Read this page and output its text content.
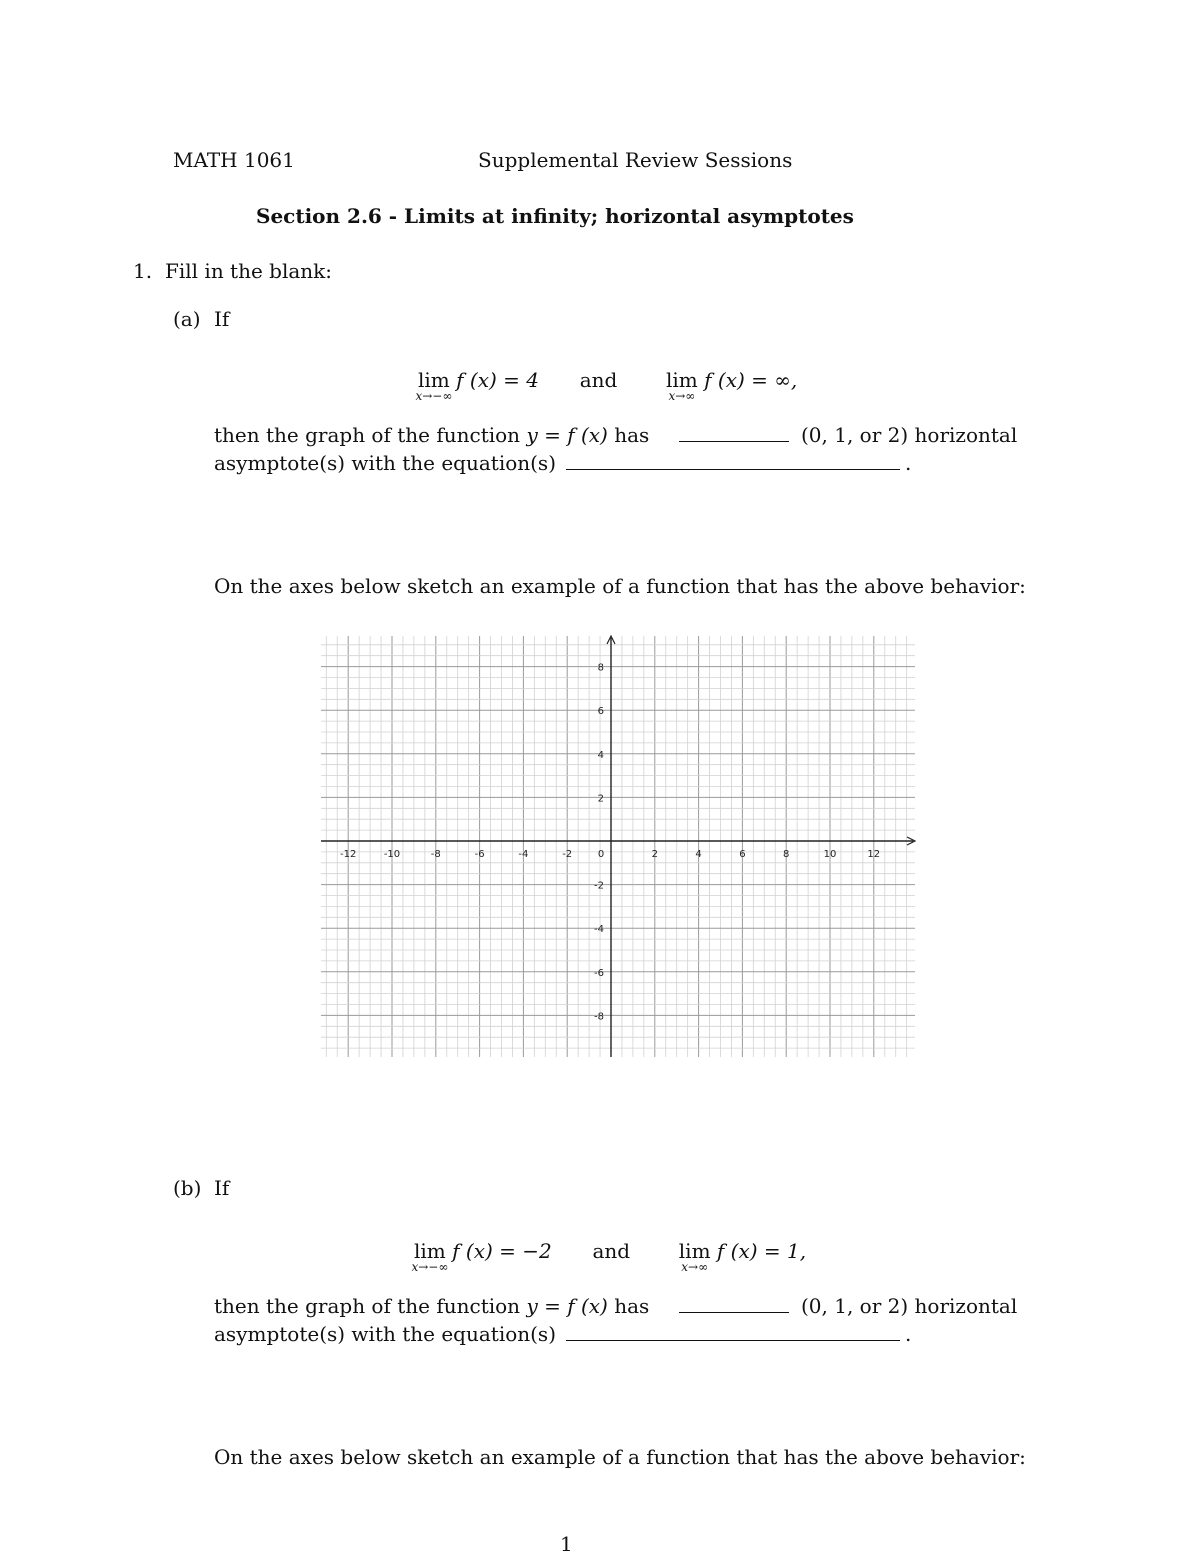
MATH 1061	Supplemental Review Sessions
Section 2.6 - Limits at infinity; horizontal asymptotes
1. Fill in the blank:
(a) If
lim
x→−∞
f (x) = 4 and lim
x→∞
f (x) = ∞,
then the graph of the function y = f (x) has	(0, 1, or 2) horizontal
asymptote(s) with the equation(s)	.
On the axes below sketch an example of a function that has the above behavior:
-12	-10	-8	-6	-4	-2	0	2	4	6	8	10	12
8
6
4
2
-2
-4
-6
-8
(b) If
lim
x→−∞
f (x) = −2 and lim
x→∞
f (x) = 1,
then the graph of the function y = f (x) has	(0, 1, or 2) horizontal
asymptote(s) with the equation(s)	.
On the axes below sketch an example of a function that has the above behavior:
1
